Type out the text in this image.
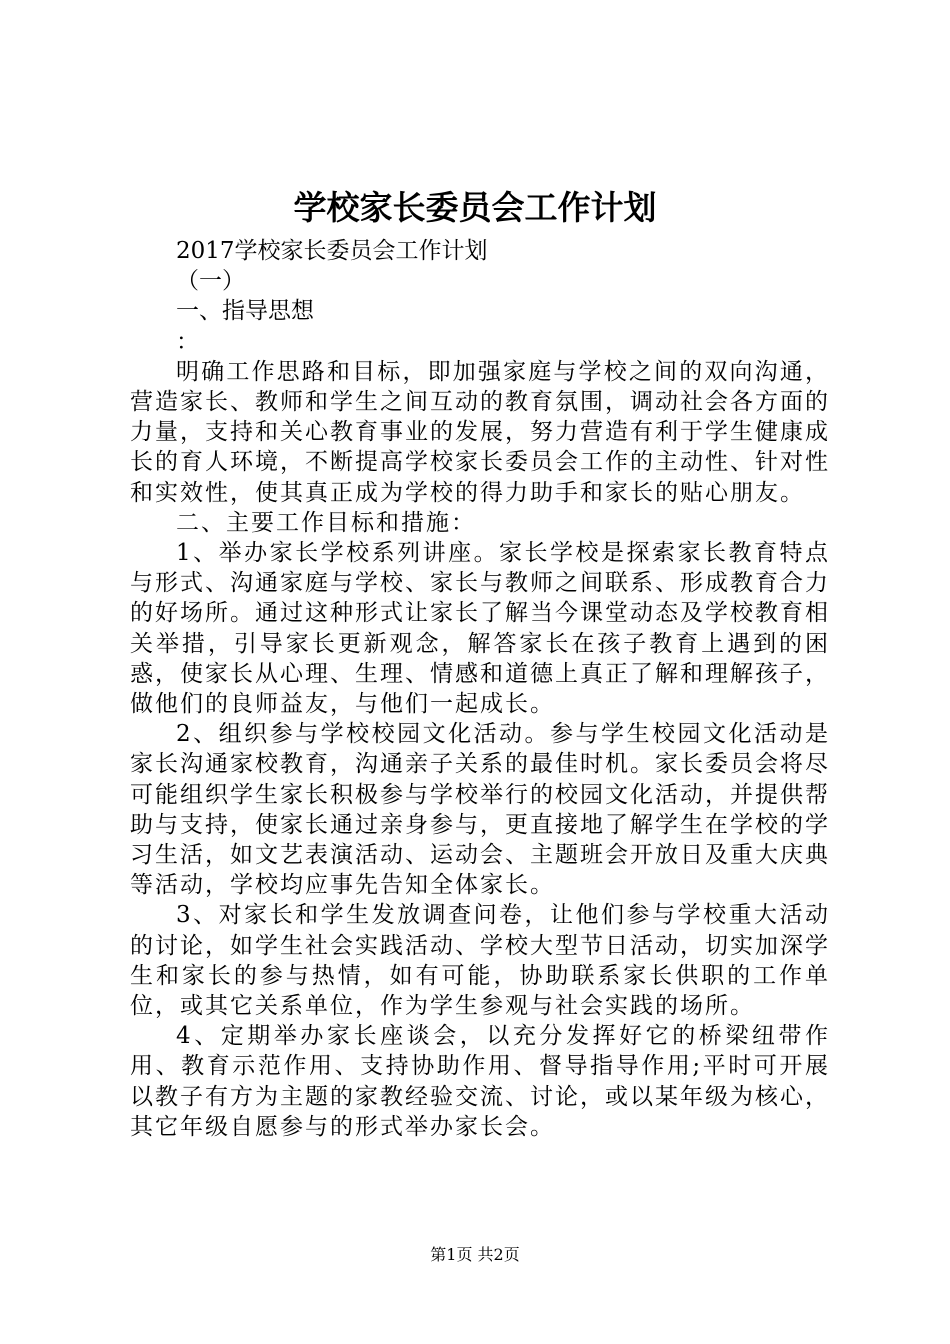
学校家长委员会工作计划

2017学校家长委员会工作计划

（一）

一、指导思想

：

明确工作思路和目标，即加强家庭与学校之间的双向沟通，营造家长、教师和学生之间互动的教育氛围，调动社会各方面的力量，支持和关心教育事业的发展，努力营造有利于学生健康成长的育人环境，不断提高学校家长委员会工作的主动性、针对性和实效性，使其真正成为学校的得力助手和家长的贴心朋友。

二、主要工作目标和措施：

1、举办家长学校系列讲座。家长学校是探索家长教育特点与形式、沟通家庭与学校、家长与教师之间联系、形成教育合力的好场所。通过这种形式让家长了解当今课堂动态及学校教育相关举措，引导家长更新观念，解答家长在孩子教育上遇到的困惑，使家长从心理、生理、情感和道德上真正了解和理解孩子，做他们的良师益友，与他们一起成长。

2、组织参与学校校园文化活动。参与学生校园文化活动是家长沟通家校教育，沟通亲子关系的最佳时机。家长委员会将尽可能组织学生家长积极参与学校举行的校园文化活动，并提供帮助与支持，使家长通过亲身参与，更直接地了解学生在学校的学习生活，如文艺表演活动、运动会、主题班会开放日及重大庆典等活动，学校均应事先告知全体家长。

3、对家长和学生发放调查问卷，让他们参与学校重大活动的讨论，如学生社会实践活动、学校大型节日活动，切实加深学生和家长的参与热情，如有可能，协助联系家长供职的工作单位，或其它关系单位，作为学生参观与社会实践的场所。

4、定期举办家长座谈会，以充分发挥好它的桥梁纽带作用、教育示范作用、支持协助作用、督导指导作用;平时可开展以教子有方为主题的家教经验交流、讨论，或以某年级为核心，其它年级自愿参与的形式举办家长会。

第1页 共2页
